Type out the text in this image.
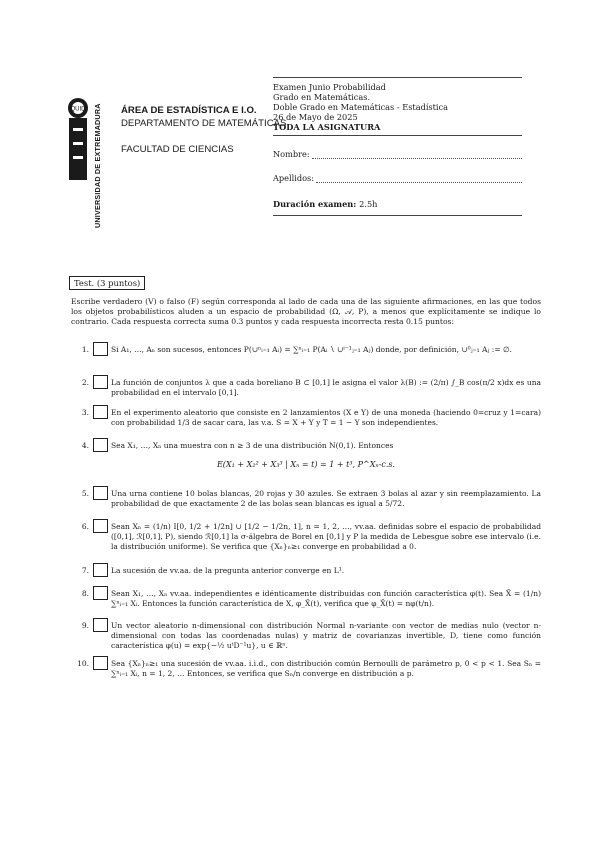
QUID UNIVERSIDAD DE EXTREMADURA ÁREA DE ESTADÍSTICA E I.O.
DEPARTAMENTO DE MATEMÁTICAS
FACULTAD DE CIENCIAS
Examen Junio Probabilidad
Grado en Matemáticas.
Doble Grado en Matemáticas - Estadística
26 de Mayo de 2025
TODA LA ASIGNATURA
Nombre:
Apellidos:
Duración examen: 2.5h
Test. (3 puntos)
Escribe verdadero (V) o falso (F) según corresponda al lado de cada una de las siguiente afirmaciones, en las que todos los objetos probabilísticos aluden a un espacio de probabilidad (Ω, 𝒜, P), a menos que explícitamente se indique lo contrario. Cada respuesta correcta suma 0.3 puntos y cada respuesta incorrecta resta 0.15 puntos:
1.	Si A₁, …, Aₙ son sucesos, entonces P(∪ⁿᵢ₌₁ Aᵢ) = ∑ⁿᵢ₌₁ P(Aᵢ ∖ ∪ⁱ⁻¹ⱼ₌₁ Aⱼ) donde, por definición, ∪⁰ⱼ₌₁ Aⱼ := ∅.
2.	La función de conjuntos λ que a cada boreliano B ⊂ [0,1] le asigna el valor λ(B) := (2/π) ∫_B cos(π/2 x)dx es una probabilidad en el intervalo [0,1].
3.	En el experimento aleatorio que consiste en 2 lanzamientos (X e Y) de una moneda (haciendo 0=cruz y 1=cara) con probabilidad 1/3 de sacar cara, las v.a. S = X + Y y T = 1 − Y son independientes.
4.	Sea X₁, …, Xₙ una muestra con n ≥ 3 de una distribución N(0,1). Entonces
E(X₁ + X₂² + X₃³ | Xₙ = t) = 1 + t³, P^Xₙ-c.s.
5.	Una urna contiene 10 bolas blancas, 20 rojas y 30 azules. Se extraen 3 bolas al azar y sin reemplazamiento. La probabilidad de que exactamente 2 de las bolas sean blancas es igual a 5/72.
6.	Sean Xₙ = (1/n) I[0, 1/2 + 1/2n] ∪ [1/2 − 1/2n, 1], n = 1, 2, …, vv.aa. definidas sobre el espacio de probabilidad ([0,1], ℛ[0,1], P), siendo ℛ[0,1] la σ-álgebra de Borel en [0,1] y P la medida de Lebesgue sobre ese intervalo (i.e. la distribución uniforme). Se verifica que {Xₙ}ₙ≥₁ converge en probabilidad a 0.
7.	La sucesión de vv.aa. de la pregunta anterior converge en L¹.
8.	Sean X₁, …, Xₙ vv.aa. independientes e idénticamente distribuidas con función característica φ(t). Sea X̄ = (1/n) ∑ⁿᵢ₌₁ Xᵢ. Entonces la función característica de X, φ_X̄(t), verifica que φ_X̄(t) = nφ(t/n).
9.	Un vector aleatorio n-dimensional con distribución Normal n-variante con vector de medias nulo (vector n-dimensional con todas las coordenadas nulas) y matriz de covarianzas invertible, D, tiene como función característica φ(u) = exp{−½ uᵗD⁻¹u}, u ∈ ℝⁿ.
10.	Sea {Xₙ}ₙ≥₁ una sucesión de vv.aa. i.i.d., con distribución común Bernoulli de parámetro p, 0 < p < 1. Sea Sₙ = ∑ⁿᵢ₌₁ Xᵢ, n = 1, 2, … Entonces, se verifica que Sₙ/n converge en distribución a p.
